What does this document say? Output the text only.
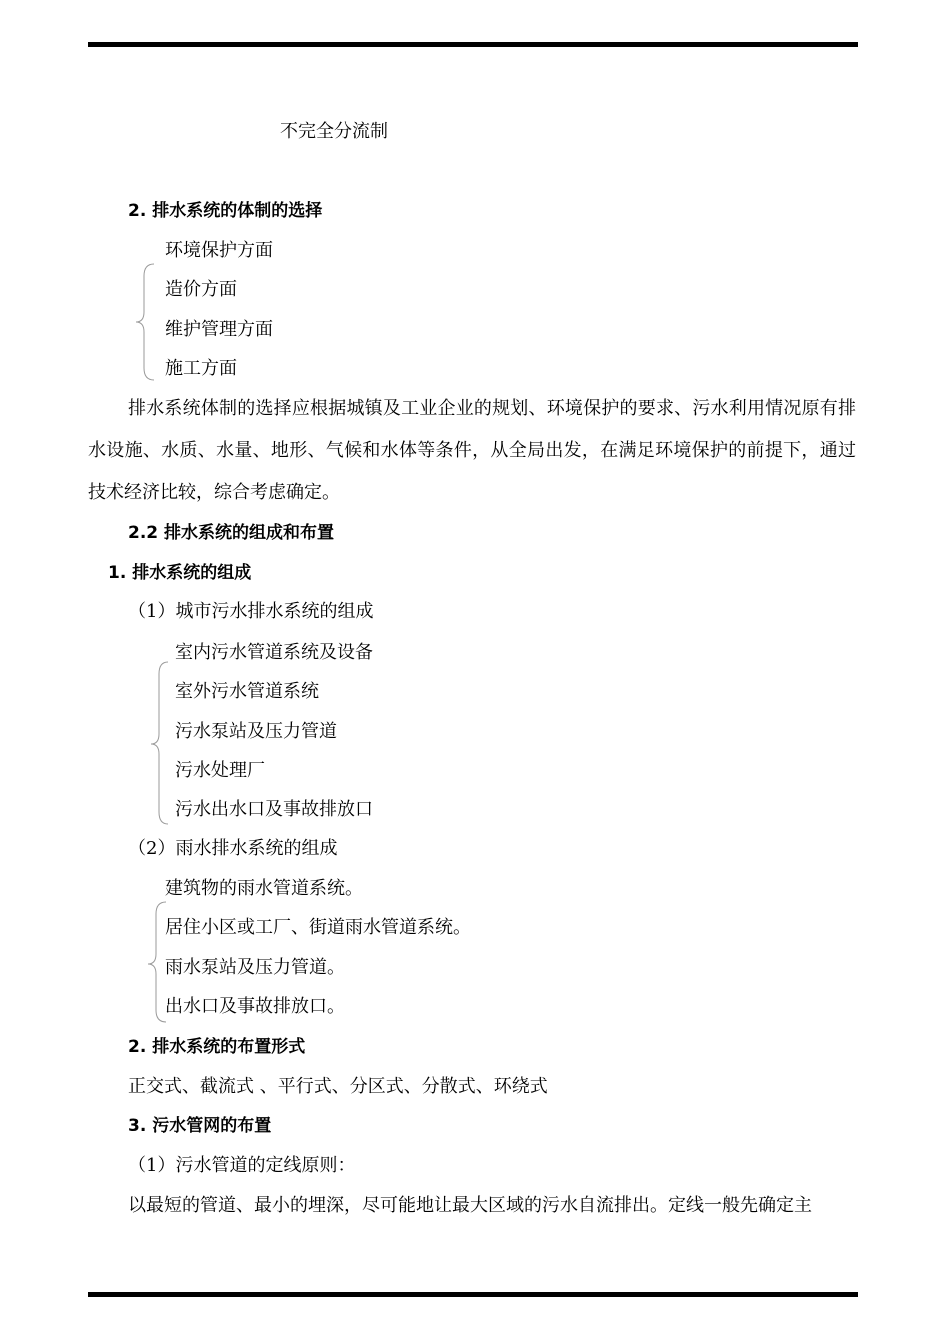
不完全分流制
2. 排水系统的体制的选择
环境保护方面
造价方面
维护管理方面
施工方面
排水系统体制的选择应根据城镇及工业企业的规划、环境保护的要求、污水利用情况原有排水设施、水质、水量、地形、气候和水体等条件，从全局出发，在满足环境保护的前提下，通过技术经济比较，综合考虑确定。
2.2 排水系统的组成和布置
1. 排水系统的组成
（1）城市污水排水系统的组成
室内污水管道系统及设备
室外污水管道系统
污水泵站及压力管道
污水处理厂
污水出水口及事故排放口
（2）雨水排水系统的组成
建筑物的雨水管道系统。
居住小区或工厂、街道雨水管道系统。
雨水泵站及压力管道。
出水口及事故排放口。
2. 排水系统的布置形式
正交式、截流式 、平行式、分区式、分散式、环绕式
3. 污水管网的布置
（1）污水管道的定线原则：
以最短的管道、最小的埋深，尽可能地让最大区域的污水自流排出。定线一般先确定主
